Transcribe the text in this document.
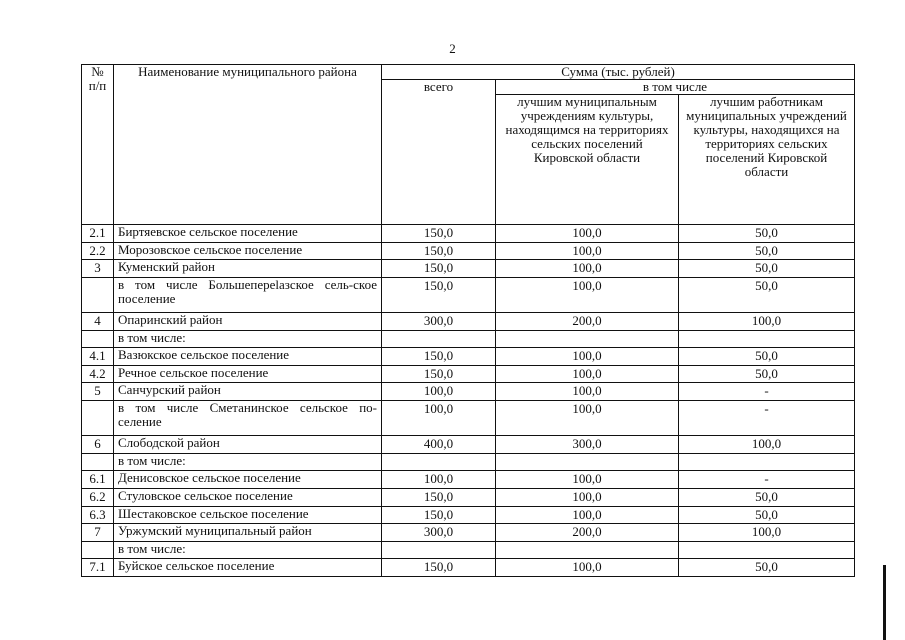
2
№ п/п	Наименование муниципального района	Сумма (тыс. рублей)		
		всего	в том числе	
			лучшим муниципальным учреждениям культуры, находящимся на территориях сельских поселений Кировской области	лучшим работникам муниципальных учреждений культуры, находящихся на территориях сельских поселений Кировской области
2.1	Биртяевское сельское поселение	150,0	100,0	50,0
2.2	Морозовское сельское поселение	150,0	100,0	50,0
3	Куменский район	150,0	100,0	50,0
	в том числе Большепереlазское сель-ское поселение	150,0	100,0	50,0
4	Опаринский район	300,0	200,0	100,0
	в том числе:			
4.1	Вазюкское сельское поселение	150,0	100,0	50,0
4.2	Речное сельское поселение	150,0	100,0	50,0
5	Санчурский район	100,0	100,0	-
	в том числе Сметанинское сельское по-селение	100,0	100,0	-
6	Слободской район	400,0	300,0	100,0
	в том числе:			
6.1	Денисовское сельское поселение	100,0	100,0	-
6.2	Стуловское сельское поселение	150,0	100,0	50,0
6.3	Шестаковское сельское поселение	150,0	100,0	50,0
7	Уржумский муниципальный район	300,0	200,0	100,0
	в том числе:			
7.1	Буйское сельское поселение	150,0	100,0	50,0
